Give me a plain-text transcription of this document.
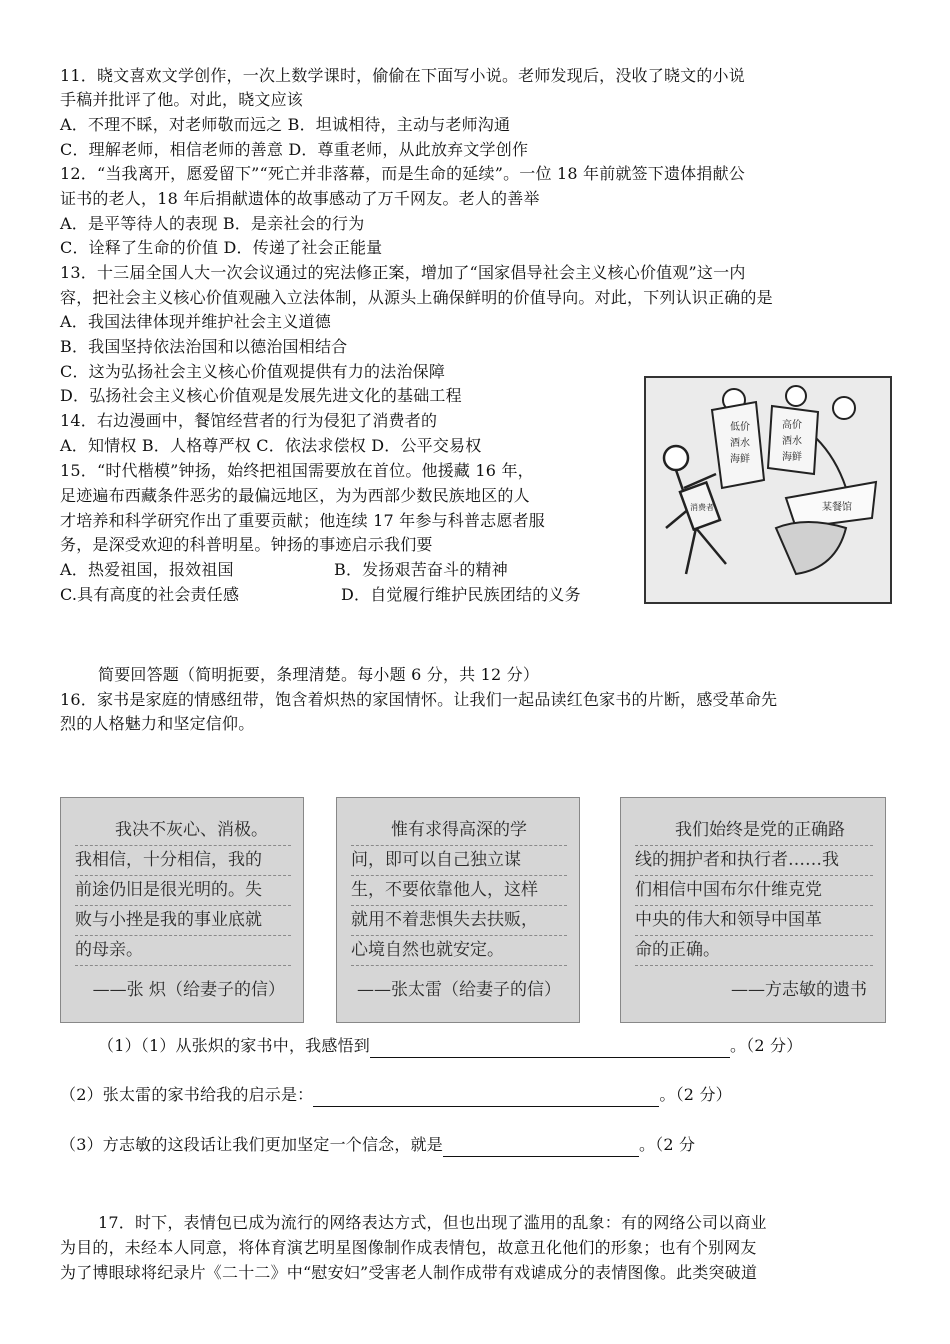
11．晓文喜欢文学创作，一次上数学课时，偷偷在下面写小说。老师发现后，没收了晓文的小说
手稿并批评了他。对此，晓文应该
A．不理不睬，对老师敬而远之 B．坦诚相待，主动与老师沟通
C．理解老师，相信老师的善意 D．尊重老师，从此放弃文学创作
12．“当我离开，愿爱留下”“死亡并非落幕，而是生命的延续”。一位 18 年前就签下遗体捐献公
证书的老人，18 年后捐献遗体的故事感动了万千网友。老人的善举
A．是平等待人的表现 B．是亲社会的行为
C．诠释了生命的价值 D．传递了社会正能量
13．十三届全国人大一次会议通过的宪法修正案，增加了“国家倡导社会主义核心价值观”这一内
容，把社会主义核心价值观融入立法体制，从源头上确保鲜明的价值导向。对此，下列认识正确的是
A．我国法律体现并维护社会主义道德
B．我国坚持依法治国和以德治国相结合
C．这为弘扬社会主义核心价值观提供有力的法治保障
D．弘扬社会主义核心价值观是发展先进文化的基础工程
14．右边漫画中，餐馆经营者的行为侵犯了消费者的
A．知情权 B．人格尊严权 C．依法求偿权 D．公平交易权
低价
酒水
海鲜
高价
酒水
海鲜
某餐馆
消费者
15．“时代楷模”钟扬，始终把祖国需要放在首位。他援藏 16 年，
足迹遍布西藏条件恶劣的最偏远地区，为为西部少数民族地区的人
才培养和科学研究作出了重要贡献；他连续 17 年参与科普志愿者服
务，是深受欢迎的科普明星。钟扬的事迹启示我们要
A．热爱祖国，报效祖国	B．发扬艰苦奋斗的精神
C.具有高度的社会责任感	D．自觉履行维护民族团结的义务
简要回答题（简明扼要，条理清楚。每小题 6 分，共 12 分）
16．家书是家庭的情感纽带，饱含着炽热的家国情怀。让我们一起品读红色家书的片断，感受革命先
烈的人格魅力和坚定信仰。
我决不灰心、消极。
我相信，十分相信，我的
前途仍旧是很光明的。失
败与小挫是我的事业底就
的母亲。
——张 炽（给妻子的信）
惟有求得高深的学
问，即可以自己独立谋
生，不要依靠他人，这样
就用不着悲惧失去扶贩，
心境自然也就安定。
——张太雷（给妻子的信）
我们始终是党的正确路
线的拥护者和执行者……我
们相信中国布尔什维克党
中央的伟大和领导中国革
命的正确。
——方志敏的遗书
（1）（1）从张炽的家书中，我感悟到	。（2 分）
（2）张太雷的家书给我的启示是：	。（2 分）
（3）方志敏的这段话让我们更加坚定一个信念，就是	。（2 分
17．时下，表情包已成为流行的网络表达方式，但也出现了滥用的乱象：有的网络公司以商业
为目的，未经本人同意，将体育演艺明星图像制作成表情包，故意丑化他们的形象；也有个别网友
为了博眼球将纪录片《二十二》中“慰安妇”受害老人制作成带有戏谑成分的表情图像。此类突破道
